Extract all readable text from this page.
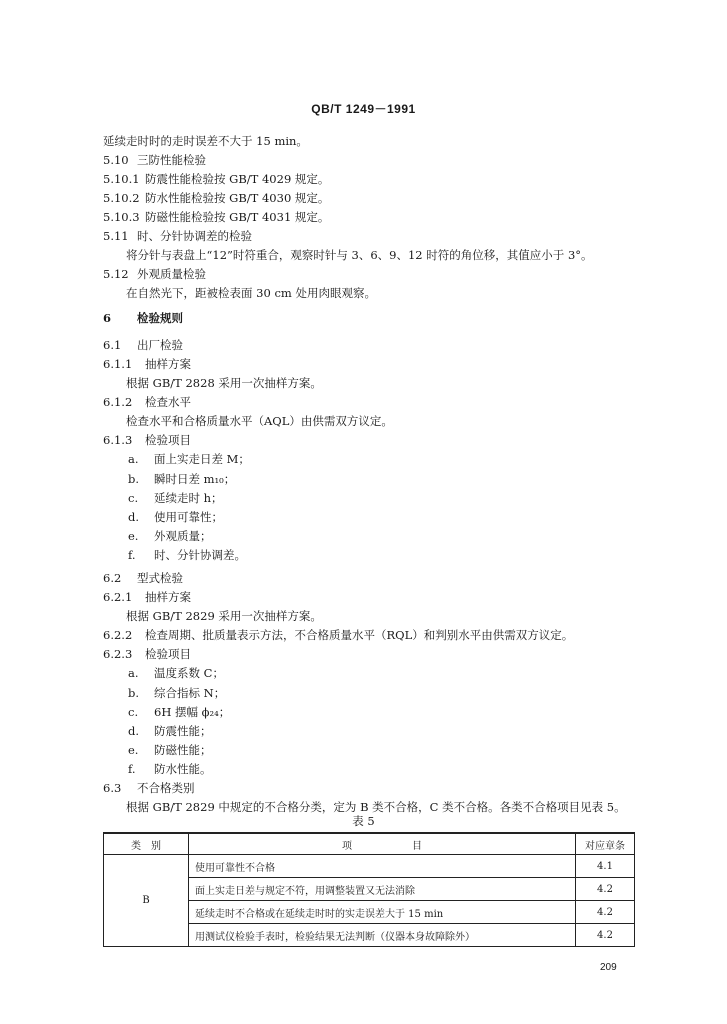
QB/T 1249－1991
延续走时时的走时误差不大于 15 min。
5.10 三防性能检验
5.10.1 防震性能检验按 GB/T 4029 规定。
5.10.2 防水性能检验按 GB/T 4030 规定。
5.10.3 防磁性能检验按 GB/T 4031 规定。
5.11 时、分针协调差的检验
将分针与表盘上“12”时符重合，观察时针与 3、6、9、12 时符的角位移，其值应小于 3°。
5.12 外观质量检验
在自然光下，距被检表面 30 cm 处用肉眼观察。
6 检验规则
6.1 出厂检验
6.1.1 抽样方案
根据 GB/T 2828 采用一次抽样方案。
6.1.2 检查水平
检查水平和合格质量水平（AQL）由供需双方议定。
6.1.3 检验项目
a. 面上实走日差 M；
b. 瞬时日差 m₁₀；
c. 延续走时 h；
d. 使用可靠性；
e. 外观质量；
f. 时、分针协调差。
6.2 型式检验
6.2.1 抽样方案
根据 GB/T 2829 采用一次抽样方案。
6.2.2 检查周期、批质量表示方法，不合格质量水平（RQL）和判别水平由供需双方议定。
6.2.3 检验项目
a. 温度系数 C；
b. 综合指标 N；
c. 6H 摆幅 ϕ₂₄；
d. 防震性能；
e. 防磁性能；
f. 防水性能。
6.3 不合格类别
根据 GB/T 2829 中规定的不合格分类，定为 B 类不合格，C 类不合格。各类不合格项目见表 5。
表 5
类　别	项　　　　　　目	对应章条
B	使用可靠性不合格	4.1
	面上实走日差与规定不符，用调整装置又无法消除	4.2
	延续走时不合格或在延续走时时的实走误差大于 15 min	4.2
	用测试仪检验手表时，检验结果无法判断（仪器本身故障除外）	4.2
209
